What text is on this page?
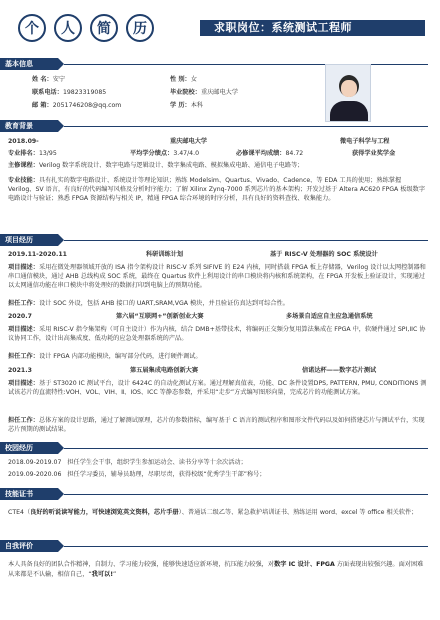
个	人	简	历	求职岗位：系统测试工程师
基本信息
姓 名：安宁	性 别：女
联系电话：19823319085	毕业院校：重庆邮电大学
邮 箱：2051746208@qq.com	学 历：本科
教育背景
2018.09-	重庆邮电大学	微电子科学与工程
专业排名：13/95	平均学分绩点：3.47/4.0	必修课平均成绩：84.72	获得学业奖学金
主修课程：Verilog 数字系统设计、数字电路与逻辑设计、数字集成电路、模拟集成电路、通信电子电路等；
专业技能：具有扎实的数字电路设计、系统设计等理论知识；熟练 Modelsim、Quartus、Vivado、Cadence、等 EDA 工具的使用；熟练掌握 Verilog、SV 语言，有良好的代码编写风格及分析时序能力；了解 Xilinx Zynq-7000 系列芯片的基本架构；开发过基于 Altera AC620 FPGA 板级数字电路设计与验证；熟悉 FPGA 资源结构与相关 IP，精通 FPGA 综合环境的时序分析，具有良好的资料查找、收集能力。
项目经历
2019.11-2020.11	科研训练计划	基于 RISC-V 处理器的 SOC 系统设计
项目描述：采用在微处理器领域开放的 ISA 指令架构设计 RISC-V 系列 SIFIVE 的 E24 内核，同时搭载 FPGA 板上存储器，Verilog 设计以太网控制器和串口通信模块，通过 AHB 总线构成 SOC 系统，最终在 Quartus 软件上利用设计的串口模块将内核和系统架构，在 FPGA 开发板上验证设计，实现通过以太网通信功能在串口模块中将处理好的数据打印到电脑上的预期功能。
担任工作：设计 SOC 外设，包括 AHB 接口的 UART,SRAM,VGA 模块，并且验证仿真达到可综合性。
2020.7	第六届“互联网+”创新创业大赛	多场景自适应自主应急通信系统
项目描述：采用 RISC-V 指令集架构（可自主设计）作为内核，结合 DMB+基带技术，将编码正交频分复用算法集成在 FPGA 中，软硬件通过 SPI,IIC 协议协同工作，设计出高集成度、低功耗的应急处理器系统的产品。
担任工作：设计 FPGA 内部功能模块，编写部分代码，进行硬件调试。
2021.3	第五届集成电路创新大赛	信诺达杯——数字芯片测试
项目描述：基于 ST3020 IC 测试平台，设计 6424C 的自动化测试方案。通过理解真值表，功能、DC 条件设置DPS, PATTERN, PMU, CONDITIONS 测试该芯片的直流特性:VOH、VOL、VIH、Ⅱ、IOS、ICC 等静态参数，并采用“走步”方式编写图形向量，完成芯片的功能测试方案。
担任工作：总体方案的设计思路，通过了解测试原理，芯片的参数指标，编写基于 C 语言的测试程序和图形文件代码以及如何搭建芯片与测试平台，实现芯片预期的测试结果。
校园经历
2018.09-2019.07 担任学生会干事，组织学生参加运动会、读书分享等十余次活动；
2019.09-2020.06 担任学习委员，辅导员助理，尽职尽责，获得校级“优秀学生干部”称号；
技能证书
CTE4（良好的听说读写能力，可快速浏览英文资料，芯片手册）、普通话二级乙等、紧急救护培训证书、熟练运用 word、excel 等 office 相关软件；
自我评价
本人具备良好的团队合作精神，自制力、学习能力较强，能够快速适应新环境，抗压能力较强，对数字 IC 设计、FPGA 方面表现出较强兴趣。面对困难从来都是不认输，相信自己，“我可以!”
